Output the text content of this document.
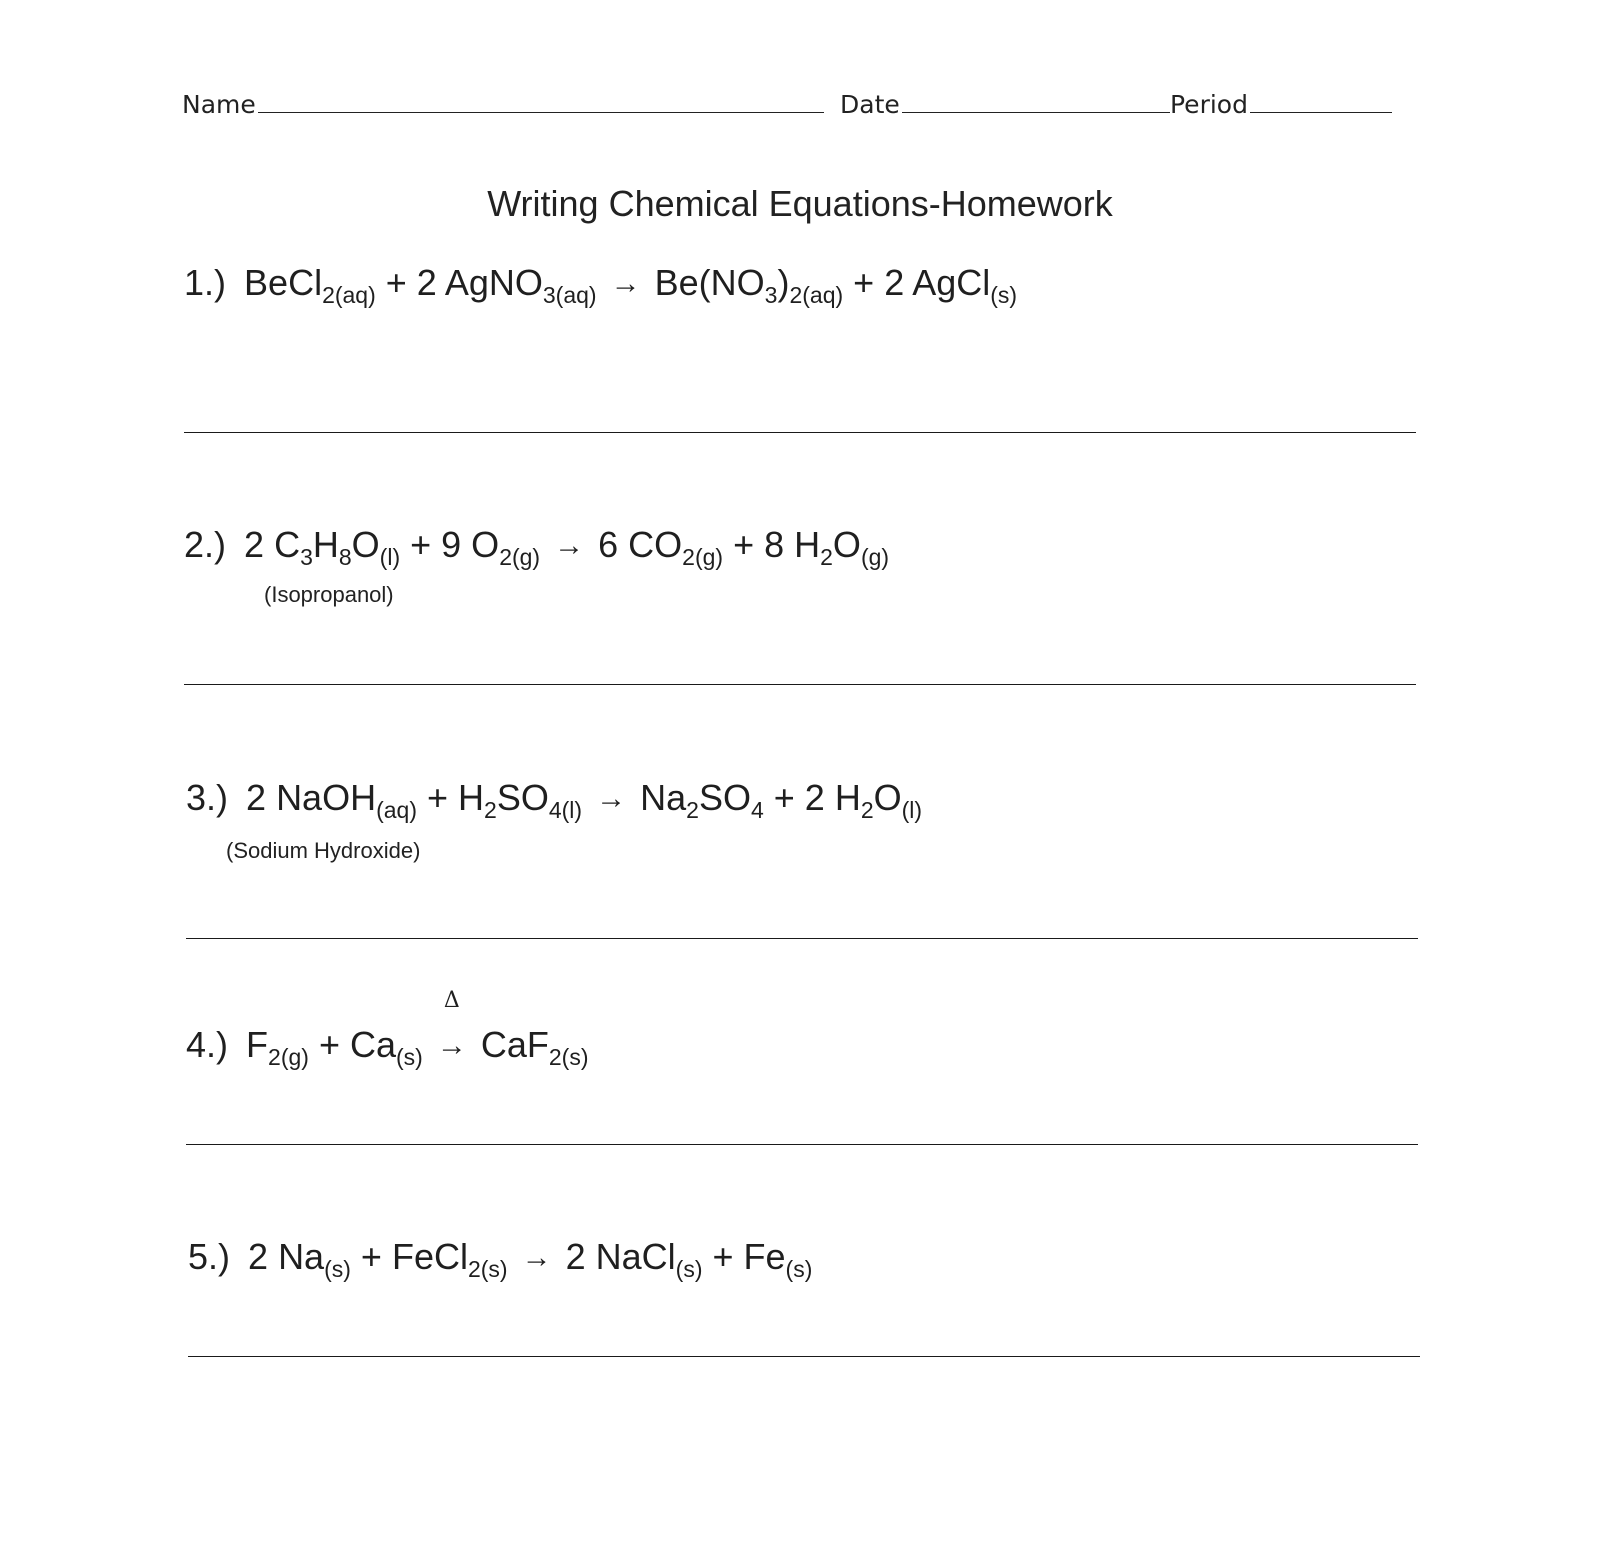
Name	Date	Period
Writing Chemical Equations-Homework
1.) BeCl$_{2(aq)}$ + 2 AgNO$_{3(aq)}$ → $Be(NO_3)_{2(aq)} + 2$ AgCl$_{(s)}$
2.) 2 $C_3H_8O_{(l)} + 9$ $O_{2(g)} \to 6$ $CO_{2(g)} + 8$ $H_2O_{(g)}$
(Isopropanol)
3.) 2 NaOH$_{(aq)}$ + $H_2SO_{4(l)} \to Na_2SO_4 + 2$ $H_2O_{(l)}$
(Sodium Hydroxide)
4.) $F_{2(g)} + Ca_{(s)}$
Δ
→ CaF$_{2(s)}$
5.) 2 $Na_{(s)}$ + FeCl$_{2(s)}$ → 2 NaCl$_{(s)}$ + $Fe_{(s)}$
